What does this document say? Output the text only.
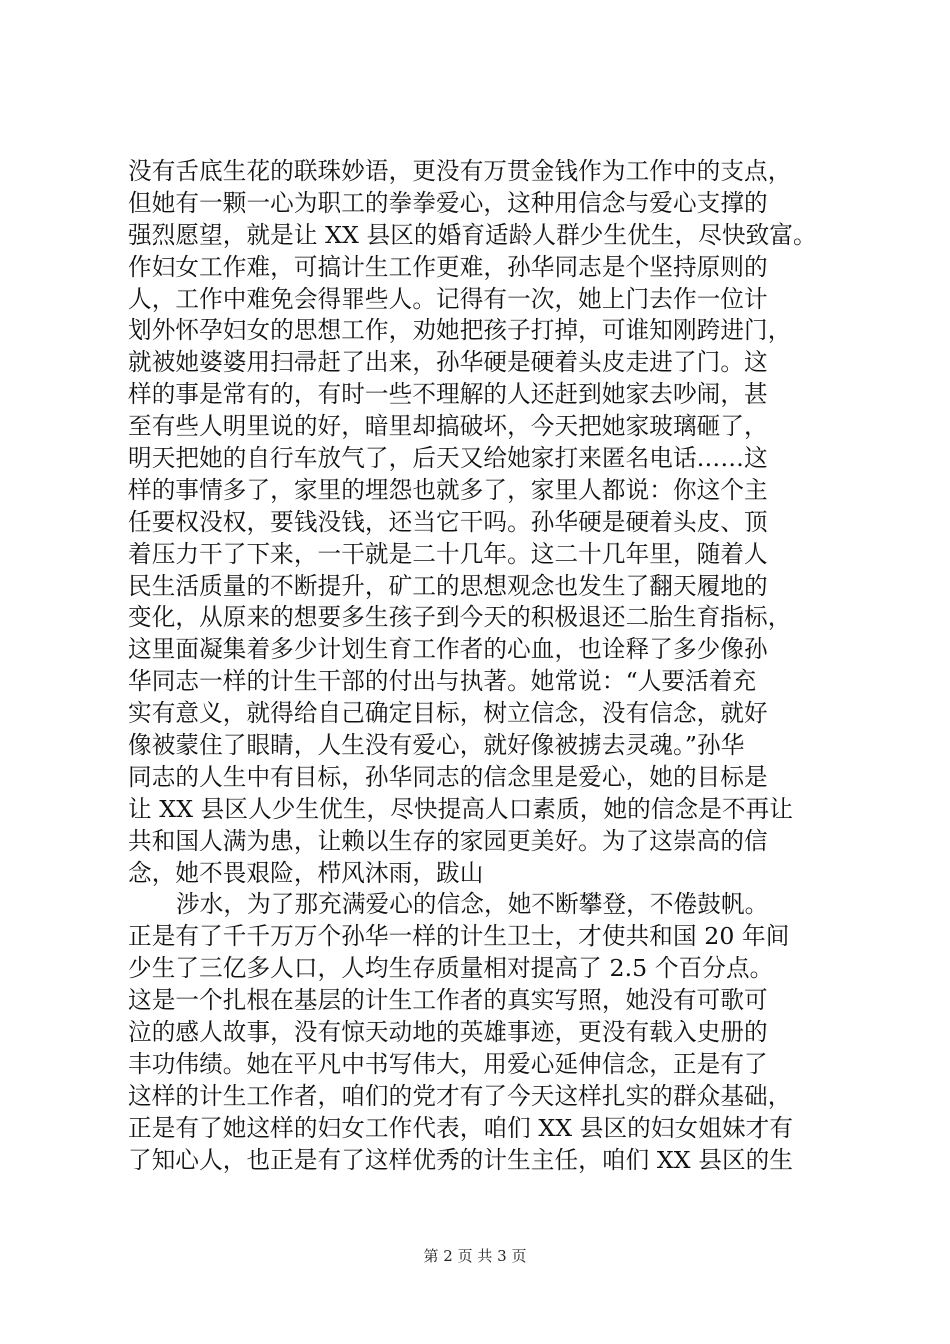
没有舌底生花的联珠妙语，更没有万贯金钱作为工作中的支点，
但她有一颗一心为职工的拳拳爱心，这种用信念与爱心支撑的
强烈愿望，就是让 XX 县区的婚育适龄人群少生优生，尽快致富。
作妇女工作难，可搞计生工作更难，孙华同志是个坚持原则的
人，工作中难免会得罪些人。记得有一次，她上门去作一位计
划外怀孕妇女的思想工作，劝她把孩子打掉，可谁知刚跨进门，
就被她婆婆用扫帚赶了出来，孙华硬是硬着头皮走进了门。这
样的事是常有的，有时一些不理解的人还赶到她家去吵闹，甚
至有些人明里说的好，暗里却搞破坏，今天把她家玻璃砸了，
明天把她的自行车放气了，后天又给她家打来匿名电话……这
样的事情多了，家里的埋怨也就多了，家里人都说：你这个主
任要权没权，要钱没钱，还当它干吗。孙华硬是硬着头皮、顶
着压力干了下来，一干就是二十几年。这二十几年里，随着人
民生活质量的不断提升，矿工的思想观念也发生了翻天履地的
变化，从原来的想要多生孩子到今天的积极退还二胎生育指标，
这里面凝集着多少计划生育工作者的心血，也诠释了多少像孙
华同志一样的计生干部的付出与执著。她常说：“人要活着充
实有意义，就得给自己确定目标，树立信念，没有信念，就好
像被蒙住了眼睛，人生没有爱心，就好像被掳去灵魂。”孙华
同志的人生中有目标，孙华同志的信念里是爱心，她的目标是
让 XX 县区人少生优生，尽快提高人口素质，她的信念是不再让
共和国人满为患，让赖以生存的家园更美好。为了这崇高的信
念，她不畏艰险，栉风沐雨，跋山
涉水，为了那充满爱心的信念，她不断攀登，不倦鼓帆。
正是有了千千万万个孙华一样的计生卫士，才使共和国 20 年间
少生了三亿多人口，人均生存质量相对提高了 2.5 个百分点。
这是一个扎根在基层的计生工作者的真实写照，她没有可歌可
泣的感人故事，没有惊天动地的英雄事迹，更没有载入史册的
丰功伟绩。她在平凡中书写伟大，用爱心延伸信念，正是有了
这样的计生工作者，咱们的党才有了今天这样扎实的群众基础，
正是有了她这样的妇女工作代表，咱们 XX 县区的妇女姐妹才有
了知心人，也正是有了这样优秀的计生主任，咱们 XX 县区的生
第 2 页 共 3 页
